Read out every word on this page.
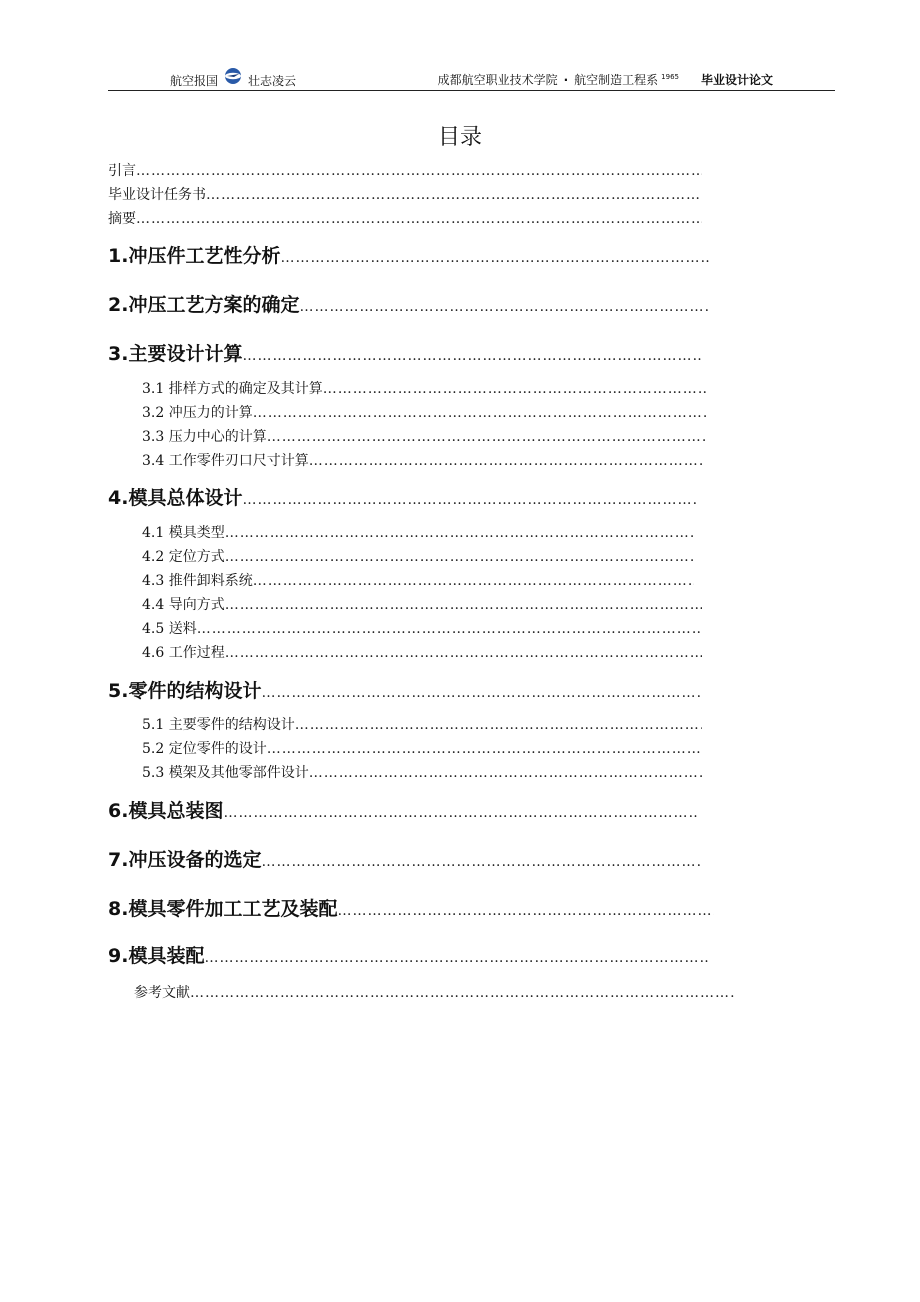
航空报国	壮志凌云	成都航空职业技术学院 · 航空制造工程系 1965 毕业设计论文
目录
引言
……………………………………………………………………………………………………………………………………………………………………………………
毕业设计任务书
……………………………………………………………………………………………………………………………………………………………………………………
摘要
……………………………………………………………………………………………………………………………………………………………………………………
1.冲压件工艺性分析
……………………………………………………………………………………………………………………………………………………………………………………
2.冲压工艺方案的确定
……………………………………………………………………………………………………………………………………………………………………………………
3.主要设计计算
……………………………………………………………………………………………………………………………………………………………………………………
3.1 排样方式的确定及其计算
……………………………………………………………………………………………………………………………………………………………………………………
3.2 冲压力的计算
……………………………………………………………………………………………………………………………………………………………………………………
3.3 压力中心的计算
……………………………………………………………………………………………………………………………………………………………………………………
3.4 工作零件刃口尺寸计算
……………………………………………………………………………………………………………………………………………………………………………………
4.模具总体设计
……………………………………………………………………………………………………………………………………………………………………………………
4.1 模具类型
……………………………………………………………………………………………………………………………………………………………………………………
4.2 定位方式
……………………………………………………………………………………………………………………………………………………………………………………
4.3 推件卸料系统
……………………………………………………………………………………………………………………………………………………………………………………
4.4 导向方式
……………………………………………………………………………………………………………………………………………………………………………………
4.5 送料
……………………………………………………………………………………………………………………………………………………………………………………
4.6 工作过程
……………………………………………………………………………………………………………………………………………………………………………………
5.零件的结构设计
……………………………………………………………………………………………………………………………………………………………………………………
5.1 主要零件的结构设计
……………………………………………………………………………………………………………………………………………………………………………………
5.2 定位零件的设计
……………………………………………………………………………………………………………………………………………………………………………………
5.3 模架及其他零部件设计
……………………………………………………………………………………………………………………………………………………………………………………
6.模具总装图
……………………………………………………………………………………………………………………………………………………………………………………
7.冲压设备的选定
……………………………………………………………………………………………………………………………………………………………………………………
8.模具零件加工工艺及装配
……………………………………………………………………………………………………………………………………………………………………………………
9.模具装配
……………………………………………………………………………………………………………………………………………………………………………………
参考文献
……………………………………………………………………………………………………………………………………………………………………………………
